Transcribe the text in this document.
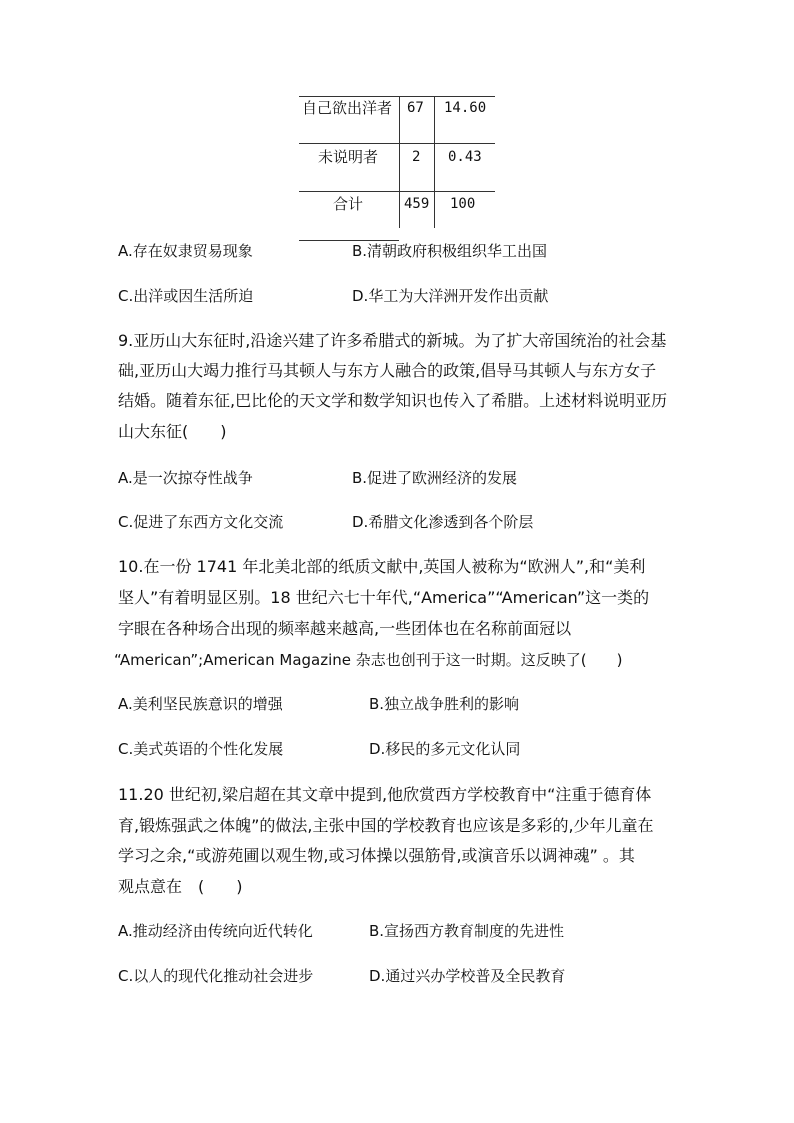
自己欲出洋者 67 14.60
未说明者 2 0.43
合计	459 100
A.存在奴隶贸易现象	B.清朝政府积极组织华工出国
C.出洋或因生活所迫	D.华工为大洋洲开发作出贡献
9.亚历山大东征时,沿途兴建了许多希腊式的新城。为了扩大帝国统治的社会基
础,亚历山大竭力推行马其顿人与东方人融合的政策,倡导马其顿人与东方女子
结婚。随着东征,巴比伦的天文学和数学知识也传入了希腊。上述材料说明亚历
山大东征(　　)
A.是一次掠夺性战争	B.促进了欧洲经济的发展
C.促进了东西方文化交流	D.希腊文化渗透到各个阶层
10.在一份 1741 年北美北部的纸质文献中,英国人被称为“欧洲人”,和“美利
坚人”有着明显区别。18 世纪六七十年代,“America”“American”这一类的
字眼在各种场合出现的频率越来越高,一些团体也在名称前面冠以
“American”;American Magazine 杂志也创刊于这一时期。这反映了(　　)
A.美利坚民族意识的增强	B.独立战争胜利的影响
C.美式英语的个性化发展	D.移民的多元文化认同
11.20 世纪初,梁启超在其文章中提到,他欣赏西方学校教育中“注重于德育体
育,锻炼强武之体魄”的做法,主张中国的学校教育也应该是多彩的,少年儿童在
学习之余,“或游苑圃以观生物,或习体操以强筋骨,或演音乐以调神魂” 。其
观点意在　(　　)
A.推动经济由传统向近代转化	B.宣扬西方教育制度的先进性
C.以人的现代化推动社会进步	D.通过兴办学校普及全民教育
